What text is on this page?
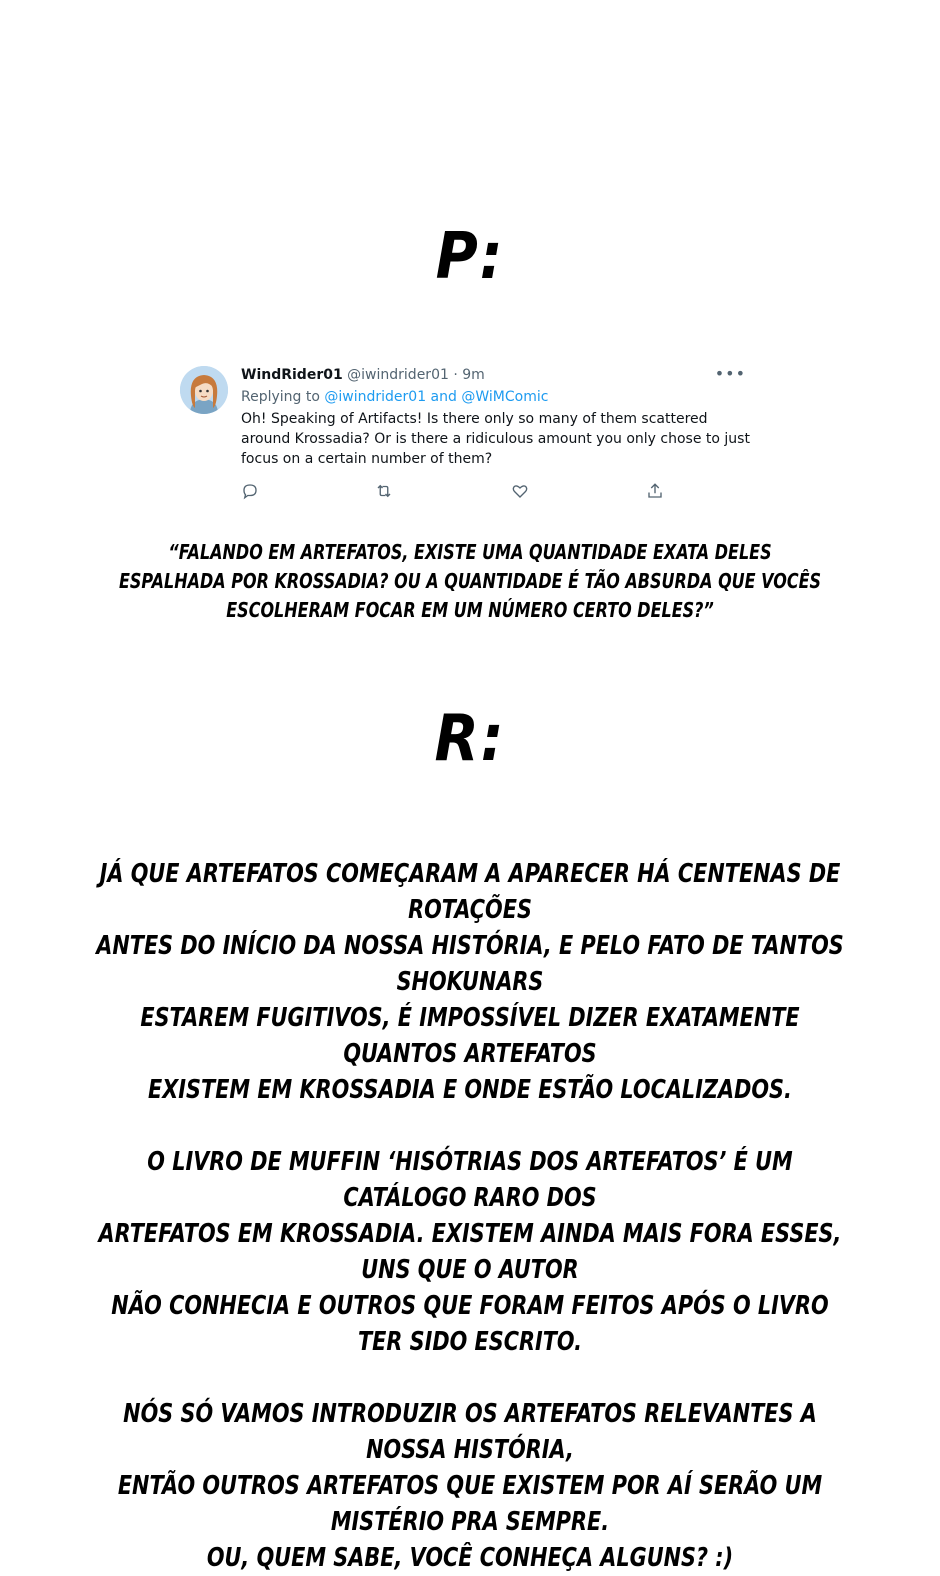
P:
WindRider01 @iwindrider01 · 9m
Replying to @iwindrider01 and @WiMComic
Oh! Speaking of Artifacts! Is there only so many of them scattered around Krossadia? Or is there a ridiculous amount you only chose to just focus on a certain number of them?
•••
“FALANDO EM ARTEFATOS, EXISTE UMA QUANTIDADE EXATA DELES
ESPALHADA POR KROSSADIA? OU A QUANTIDADE É TÃO ABSURDA QUE VOCÊS
ESCOLHERAM FOCAR EM UM NÚMERO CERTO DELES?”
R:
JÁ QUE ARTEFATOS COMEÇARAM A APARECER HÁ CENTENAS DE ROTAÇÕES
ANTES DO INÍCIO DA NOSSA HISTÓRIA, E PELO FATO DE TANTOS SHOKUNARS
ESTAREM FUGITIVOS, É IMPOSSÍVEL DIZER EXATAMENTE QUANTOS ARTEFATOS
EXISTEM EM KROSSADIA E ONDE ESTÃO LOCALIZADOS.
O LIVRO DE MUFFIN ‘HISÓTRIAS DOS ARTEFATOS’ É UM CATÁLOGO RARO DOS
ARTEFATOS EM KROSSADIA. EXISTEM AINDA MAIS FORA ESSES, UNS QUE O AUTOR
NÃO CONHECIA E OUTROS QUE FORAM FEITOS APÓS O LIVRO TER SIDO ESCRITO.
NÓS SÓ VAMOS INTRODUZIR OS ARTEFATOS RELEVANTES A NOSSA HISTÓRIA,
ENTÃO OUTROS ARTEFATOS QUE EXISTEM POR AÍ SERÃO UM MISTÉRIO PRA SEMPRE.
OU, QUEM SABE, VOCÊ CONHEÇA ALGUNS? :)
